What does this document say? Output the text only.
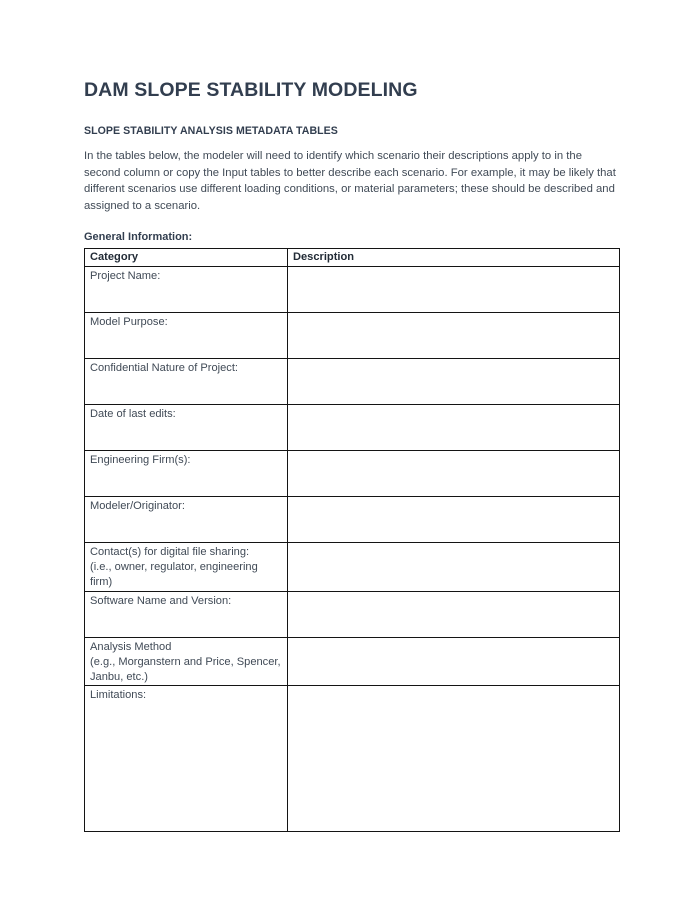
DAM SLOPE STABILITY MODELING
SLOPE STABILITY ANALYSIS METADATA TABLES

In the tables below, the modeler will need to identify which scenario their descriptions apply to in the second column or copy the Input tables to better describe each scenario. For example, it may be likely that different scenarios use different loading conditions, or material parameters; these should be described and assigned to a scenario.

General Information:
Category	Description

Project Name:	

Model Purpose:	

Confidential Nature of Project:	

Date of last edits:	

Engineering Firm(s):	

Modeler/Originator:	

Contact(s) for digital file sharing:
(i.e., owner, regulator, engineering
firm)	

Software Name and Version:	

Analysis Method
(e.g., Morganstern and Price, Spencer,
Janbu, etc.)	

Limitations:	
